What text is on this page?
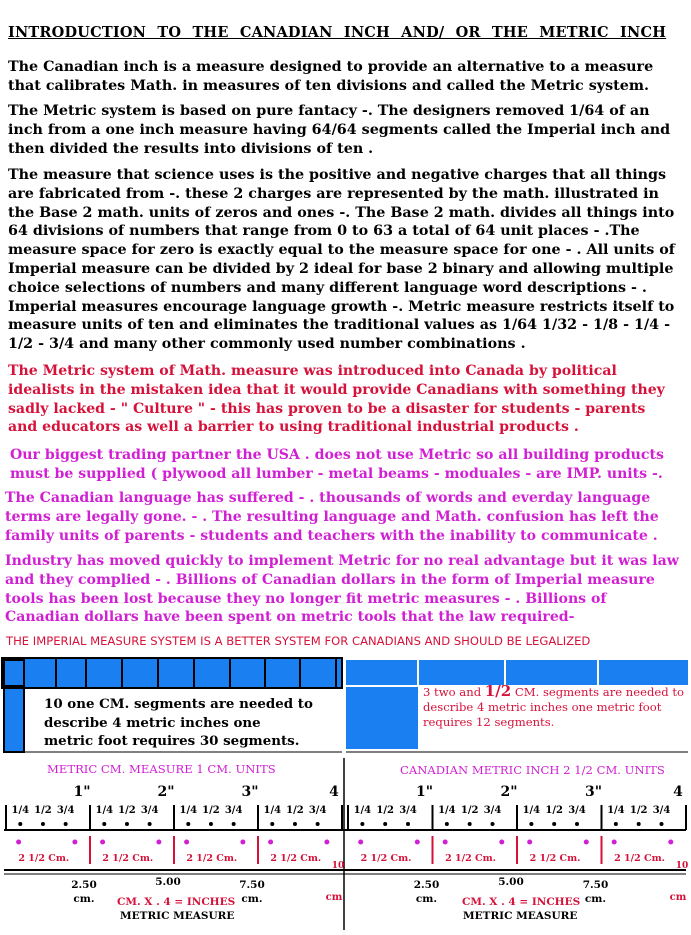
INTRODUCTION TO THE CANADIAN INCH AND/ OR THE METRIC INCH

The Canadian inch is a measure designed to provide an alternative to a measure that calibrates Math. in measures of ten divisions and called the Metric system.

The Metric system is based on pure fantacy -. The designers removed 1/64 of an inch from a one inch measure having 64/64 segments called the Imperial inch and then divided the results into divisions of ten .

The measure that science uses is the positive and negative charges that all things are fabricated from -. these 2 charges are represented by the math. illustrated in the Base 2 math. units of zeros and ones -. The Base 2 math. divides all things into 64 divisions of numbers that range from 0 to 63 a total of 64 unit places - .The measure space for zero is exactly equal to the measure space for one - . All units of Imperial measure can be divided by 2 ideal for base 2 binary and allowing multiple choice selections of numbers and many different language word descriptions - . Imperial measures encourage language growth -. Metric measure restricts itself to measure units of ten and eliminates the traditional values as 1/64 1/32 - 1/8 - 1/4 - 1/2 - 3/4 and many other commonly used number combinations .

The Metric system of Math. measure was introduced into Canada by political idealists in the mistaken idea that it would provide Canadians with something they sadly lacked - " Culture " - this has proven to be a disaster for students - parents and educators as well a barrier to using traditional industrial products .

Our biggest trading partner the USA . does not use Metric so all building products must be supplied ( plywood all lumber - metal beams - moduales - are IMP. units -.

The Canadian language has suffered - . thousands of words and everday language terms are legally gone. - . The resulting language and Math. confusion has left the family units of parents - students and teachers with the inability to communicate .

Industry has moved quickly to implement Metric for no real advantage but it was law and they complied - . Billions of Canadian dollars in the form of Imperial measure tools has been lost because they no longer fit metric measures - . Billions of Canadian dollars have been spent on metric tools that the law required-

THE IMPERIAL MEASURE SYSTEM IS A BETTER SYSTEM FOR CANADIANS AND SHOULD BE LEGALIZED
1"
1/4 1/2 3/4
2 1/2 Cm.
2"
1/4 1/2 3/4
2 1/2 Cm.
3"
1/4 1/2 3/4
2 1/2 Cm.
4
1/4 1/2 3/4
2 1/2 Cm.
10
2.50
cm.
5.00	7.50
cm.	cm
1"
1/4 1/2 3/4
2 1/2 Cm.
2"
1/4 1/2 3/4
2 1/2 Cm.
3"
1/4 1/2 3/4
2 1/2 Cm.
4
1/4 1/2 3/4
2 1/2 Cm.
10
2.50
cm.
5.00	7.50
cm.	cm
10 one CM. segments are needed to describe 4 metric inches one metric foot requires 30 segments.
3 two and 1/2 CM. segments are needed to describe 4 metric inches one metric foot requires 12 segments.
METRIC CM. MEASURE 1 CM. UNITS	CANADIAN METRIC INCH 2 1/2 CM. UNITS
CM. X . 4 = INCHES	CM. X . 4 = INCHES
METRIC MEASURE	METRIC MEASURE
